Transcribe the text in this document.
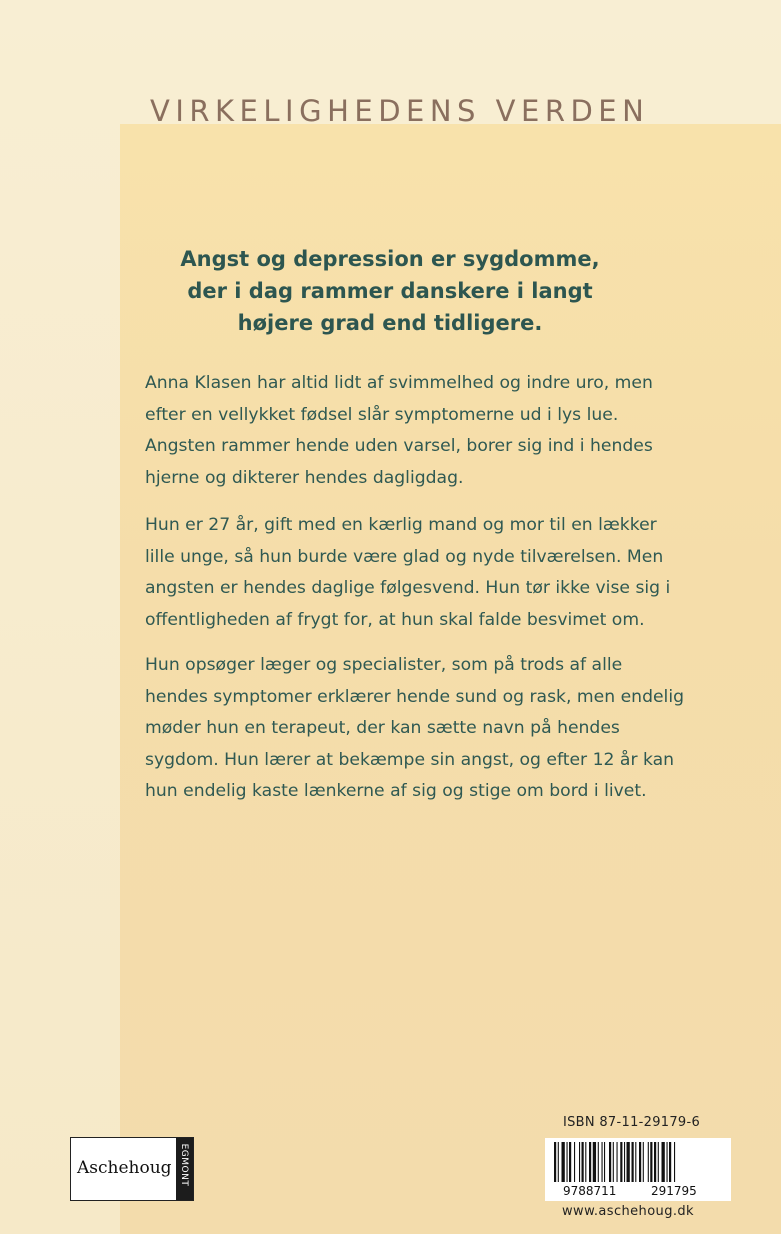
VIRKELIGHEDENS VERDEN
Angst og depression er sygdomme,
der i dag rammer danskere i langt
højere grad end tidligere.
Anna Klasen har altid lidt af svimmelhed og indre uro, men
efter en vellykket fødsel slår symptomerne ud i lys lue.
Angsten rammer hende uden varsel, borer sig ind i hendes
hjerne og dikterer hendes dagligdag.
Hun er 27 år, gift med en kærlig mand og mor til en lækker
lille unge, så hun burde være glad og nyde tilværelsen. Men
angsten er hendes daglige følgesvend. Hun tør ikke vise sig i
offentligheden af frygt for, at hun skal falde besvimet om.
Hun opsøger læger og specialister, som på trods af alle
hendes symptomer erklærer hende sund og rask, men endelig
møder hun en terapeut, der kan sætte navn på hendes
sygdom. Hun lærer at bekæmpe sin angst, og efter 12 år kan
hun endelig kaste lænkerne af sig og stige om bord i livet.
Aschehoug EGMONT
ISBN 87-11-29179-6
9788711	291795
www.aschehoug.dk
